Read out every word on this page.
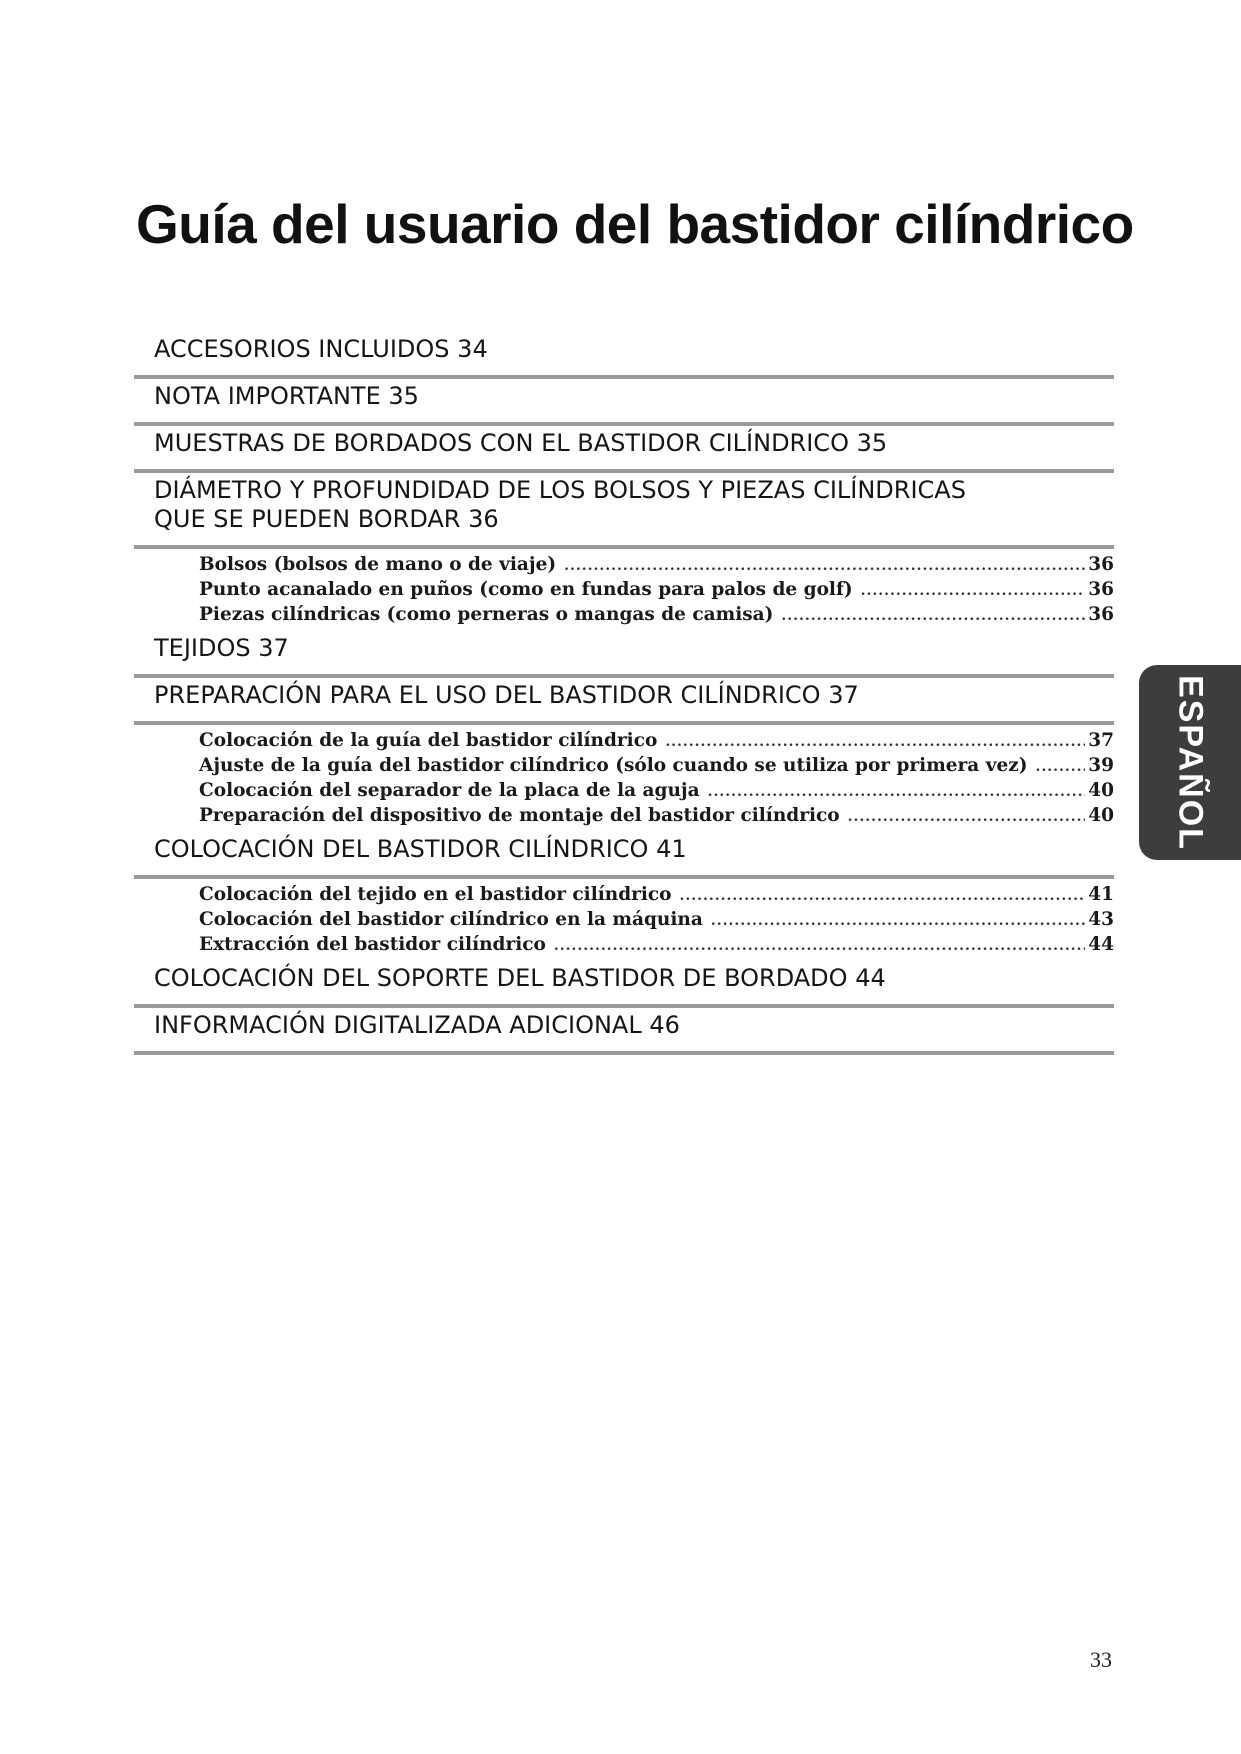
Guía del usuario del bastidor cilíndrico
ACCESORIOS INCLUIDOS 34
NOTA IMPORTANTE 35
MUESTRAS DE BORDADOS CON EL BASTIDOR CILÍNDRICO 35
DIÁMETRO Y PROFUNDIDAD DE LOS BOLSOS Y PIEZAS CILÍNDRICAS
QUE SE PUEDEN BORDAR 36
Bolsos (bolsos de mano o de viaje) .....	36
Punto acanalado en puños (como en fundas para palos de golf) .....	36
Piezas cilíndricas (como perneras o mangas de camisa) .....	36
TEJIDOS 37
PREPARACIÓN PARA EL USO DEL BASTIDOR CILÍNDRICO 37
Colocación de la guía del bastidor cilíndrico .....	37
Ajuste de la guía del bastidor cilíndrico (sólo cuando se utiliza por primera vez) .....	39
Colocación del separador de la placa de la aguja .....	40
Preparación del dispositivo de montaje del bastidor cilíndrico .....	40
COLOCACIÓN DEL BASTIDOR CILÍNDRICO 41
Colocación del tejido en el bastidor cilíndrico .....	41
Colocación del bastidor cilíndrico en la máquina .....	43
Extracción del bastidor cilíndrico .....	44
COLOCACIÓN DEL SOPORTE DEL BASTIDOR DE BORDADO 44
INFORMACIÓN DIGITALIZADA ADICIONAL 46
ESPAÑOL
33
